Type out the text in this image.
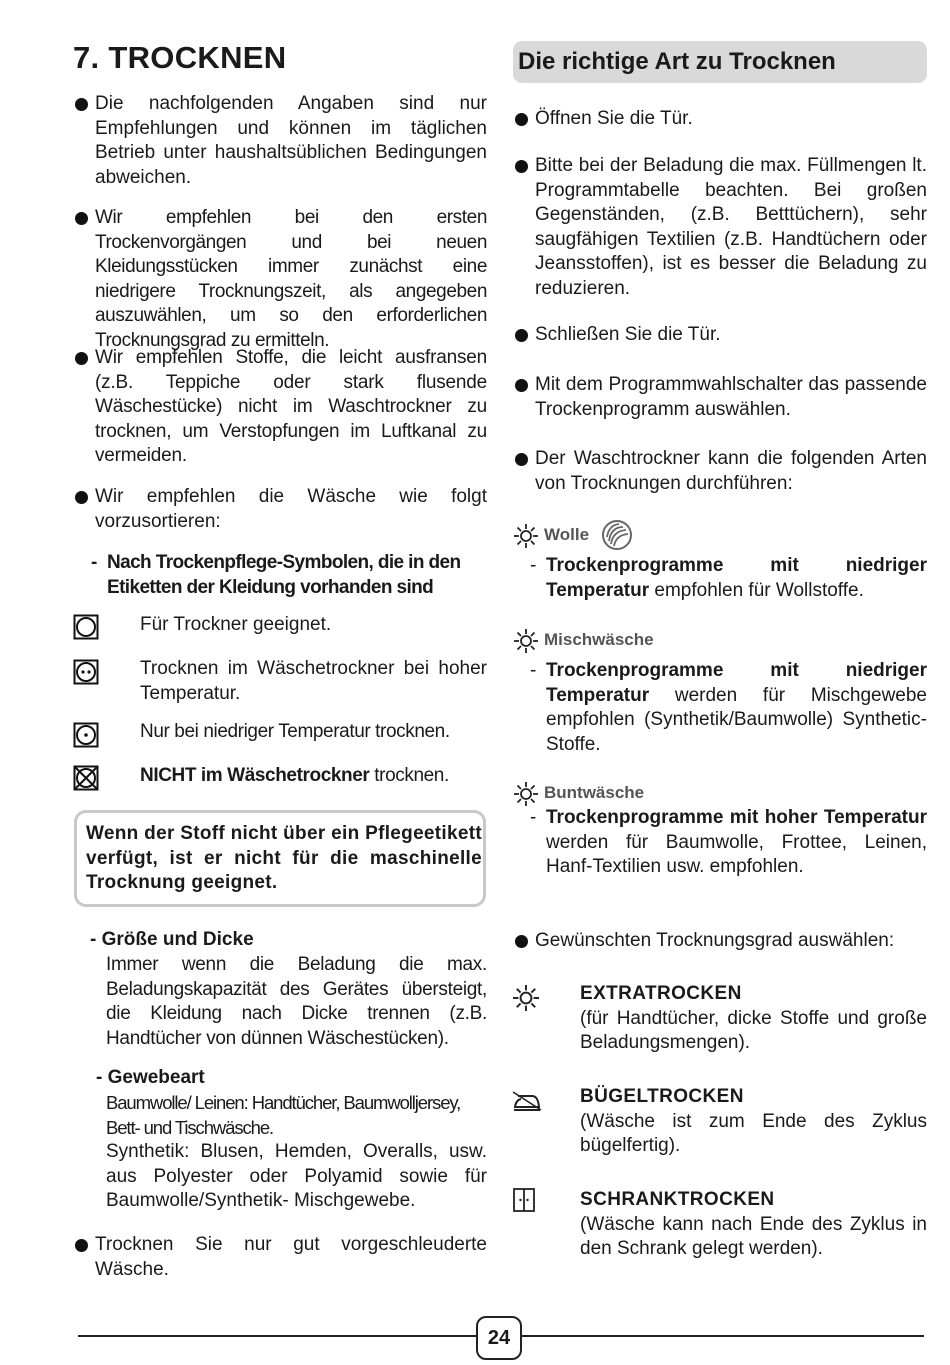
7. TROCKNEN

Die nachfolgenden Angaben sind nur Empfehlungen und können im täglichen Betrieb unter haushaltsüblichen Bedingungen abweichen.

Wir empfehlen bei den ersten Trockenvorgängen und bei neuen Kleidungsstücken immer zunächst eine niedrigere Trocknungszeit, als angegeben auszuwählen, um so den erforderlichen Trocknungsgrad zu ermitteln.

Wir empfehlen Stoffe, die leicht ausfransen (z.B. Teppiche oder stark flusende Wäschestücke) nicht im Waschtrockner zu trocknen, um Verstopfungen im Luftkanal zu vermeiden.

Wir empfehlen die Wäsche wie folgt vorzusortieren:

- Nach Trockenpflege-Symbolen, die in den Etiketten der Kleidung vorhanden sind

Für Trockner geeignet.
Trocknen im Wäschetrockner bei hoher Temperatur.
Nur bei niedriger Temperatur trocknen.
NICHT im Wäschetrockner trocknen.

Wenn der Stoff nicht über ein Pflegeetikett verfügt, ist er nicht für die maschinelle Trocknung geeignet.

- Größe und Dicke

Immer wenn die Beladung die max. Beladungskapazität des Gerätes übersteigt, die Kleidung nach Dicke trennen (z.B. Handtücher von dünnen Wäschestücken).

- Gewebeart

Baumwolle/ Leinen: Handtücher, Baumwolljersey, Bett- und Tischwäsche.

Synthetik: Blusen, Hemden, Overalls, usw. aus Polyester oder Polyamid sowie für Baumwolle/Synthetik- Mischgewebe.

Trocknen Sie nur gut vorgeschleuderte Wäsche.

Die richtige Art zu Trocknen

Öffnen Sie die Tür.

Bitte bei der Beladung die max. Füllmengen lt. Programmtabelle beachten. Bei großen Gegenständen, (z.B. Betttüchern), sehr saugfähigen Textilien (z.B. Handtüchern oder Jeansstoffen), ist es besser die Beladung zu reduzieren.

Schließen Sie die Tür.

Mit dem Programmwahlschalter das passende Trockenprogramm auswählen.

Der Waschtrockner kann die folgenden Arten von Trocknungen durchführen:

Wolle
- Trockenprogramme mit niedriger Temperatur empfohlen für Wollstoffe.

Mischwäsche
- Trockenprogramme mit niedriger Temperatur werden für Mischgewebe empfohlen (Synthetik/Baumwolle) Synthetic-Stoffe.

Buntwäsche
- Trockenprogramme mit hoher Temperatur werden für Baumwolle, Frottee, Leinen, Hanf-Textilien usw. empfohlen.

Gewünschten Trocknungsgrad auswählen:

EXTRATROCKEN

(für Handtücher, dicke Stoffe und große Beladungsmengen).

BÜGELTROCKEN

(Wäsche ist zum Ende des Zyklus bügelfertig).

SCHRANKTROCKEN

(Wäsche kann nach Ende des Zyklus in den Schrank gelegt werden).

24
